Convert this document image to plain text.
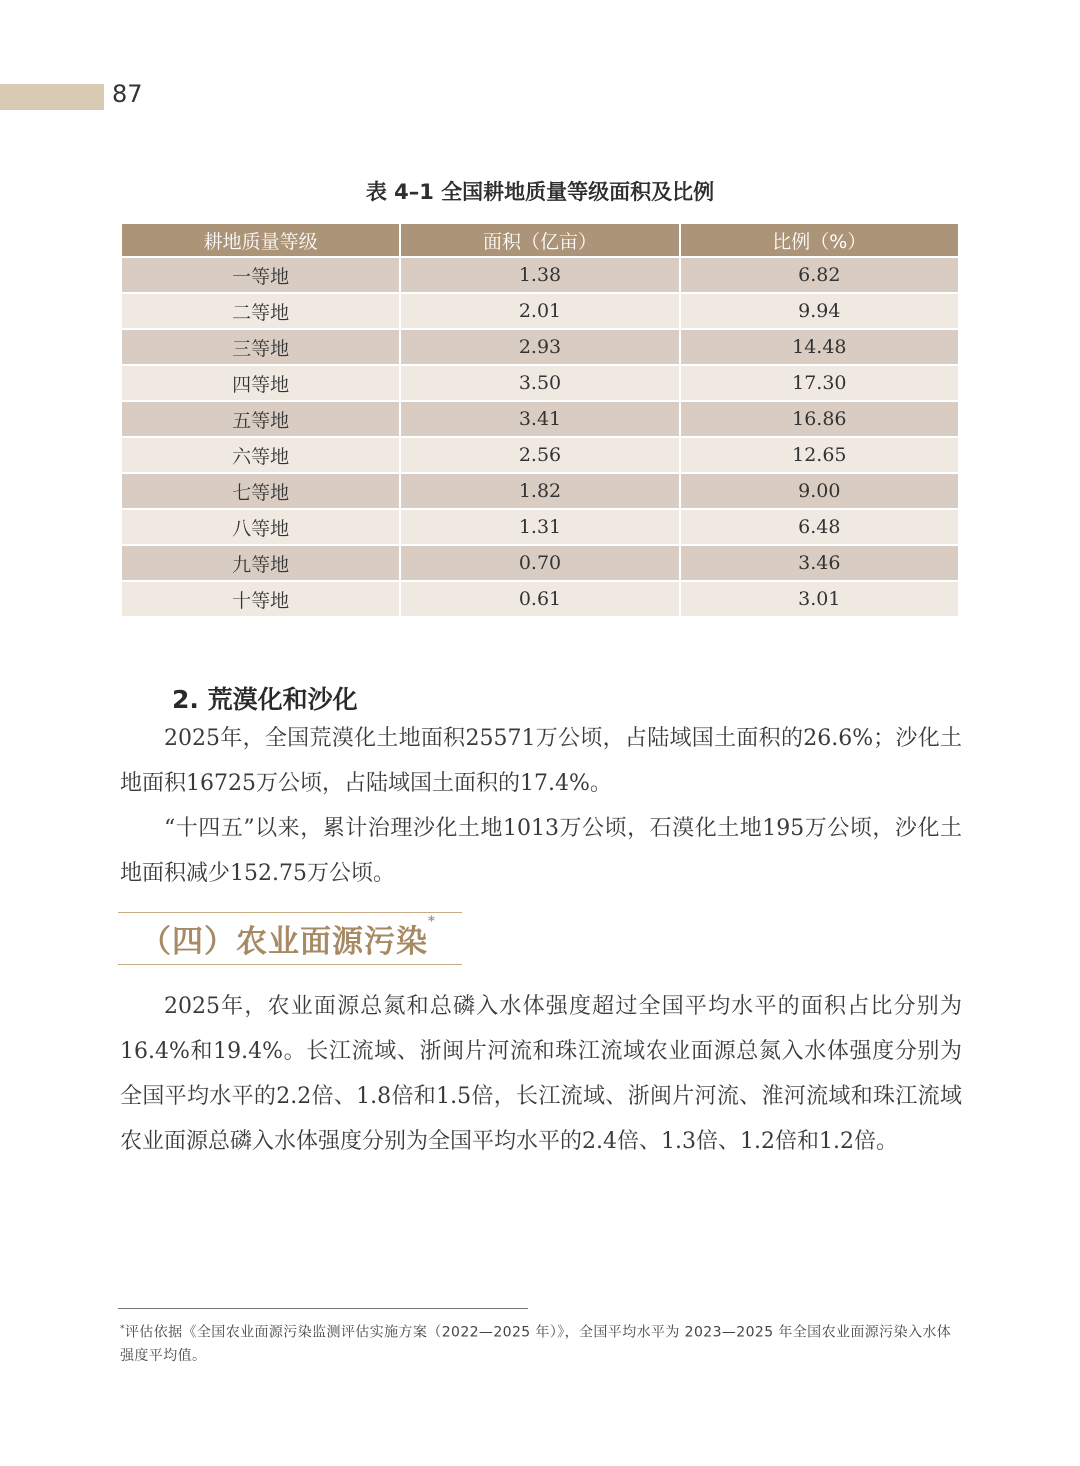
87
表 4–1 全国耕地质量等级面积及比例
耕地质量等级	面积（亿亩）	比例（%）
一等地	1.38	6.82
二等地	2.01	9.94
三等地	2.93	14.48
四等地	3.50	17.30
五等地	3.41	16.86
六等地	2.56	12.65
七等地	1.82	9.00
八等地	1.31	6.48
九等地	0.70	3.46
十等地	0.61	3.01
2. 荒漠化和沙化

2025年，全国荒漠化土地面积25571万公顷，占陆域国土面积的26.6%；沙化土地面积16725万公顷，占陆域国土面积的17.4%。

“十四五”以来，累计治理沙化土地1013万公顷，石漠化土地195万公顷，沙化土地面积减少152.75万公顷。

（四）农业面源污染*

2025年，农业面源总氮和总磷入水体强度超过全国平均水平的面积占比分别为16.4%和19.4%。长江流域、浙闽片河流和珠江流域农业面源总氮入水体强度分别为全国平均水平的2.2倍、1.8倍和1.5倍，长江流域、浙闽片河流、淮河流域和珠江流域农业面源总磷入水体强度分别为全国平均水平的2.4倍、1.3倍、1.2倍和1.2倍。

*评估依据《全国农业面源污染监测评估实施方案（2022—2025 年）》，全国平均水平为 2023—2025 年全国农业面源污染入水体强度平均值。
